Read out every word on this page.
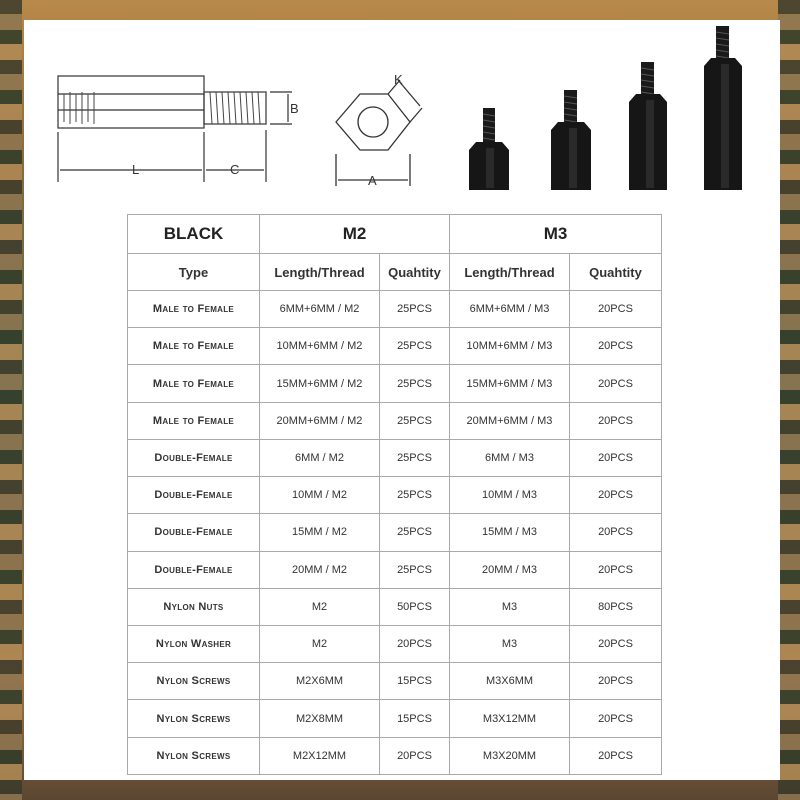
B
L	C
K
A
BLACK	M2		M3	
Type	Length/Thread	Quahtity	Length/Thread	Quahtity
Male to Female	6MM+6MM / M2	25PCS	6MM+6MM / M3	20PCS
Male to Female	10MM+6MM / M2	25PCS	10MM+6MM / M3	20PCS
Male to Female	15MM+6MM / M2	25PCS	15MM+6MM / M3	20PCS
Male to Female	20MM+6MM / M2	25PCS	20MM+6MM / M3	20PCS
Double-Female	6MM / M2	25PCS	6MM / M3	20PCS
Double-Female	10MM / M2	25PCS	10MM / M3	20PCS
Double-Female	15MM / M2	25PCS	15MM / M3	20PCS
Double-Female	20MM / M2	25PCS	20MM / M3	20PCS
Nylon Nuts	M2	50PCS	M3	80PCS
Nylon Washer	M2	20PCS	M3	20PCS
Nylon Screws	M2X6MM	15PCS	M3X6MM	20PCS
Nylon Screws	M2X8MM	15PCS	M3X12MM	20PCS
Nylon Screws	M2X12MM	20PCS	M3X20MM	20PCS
